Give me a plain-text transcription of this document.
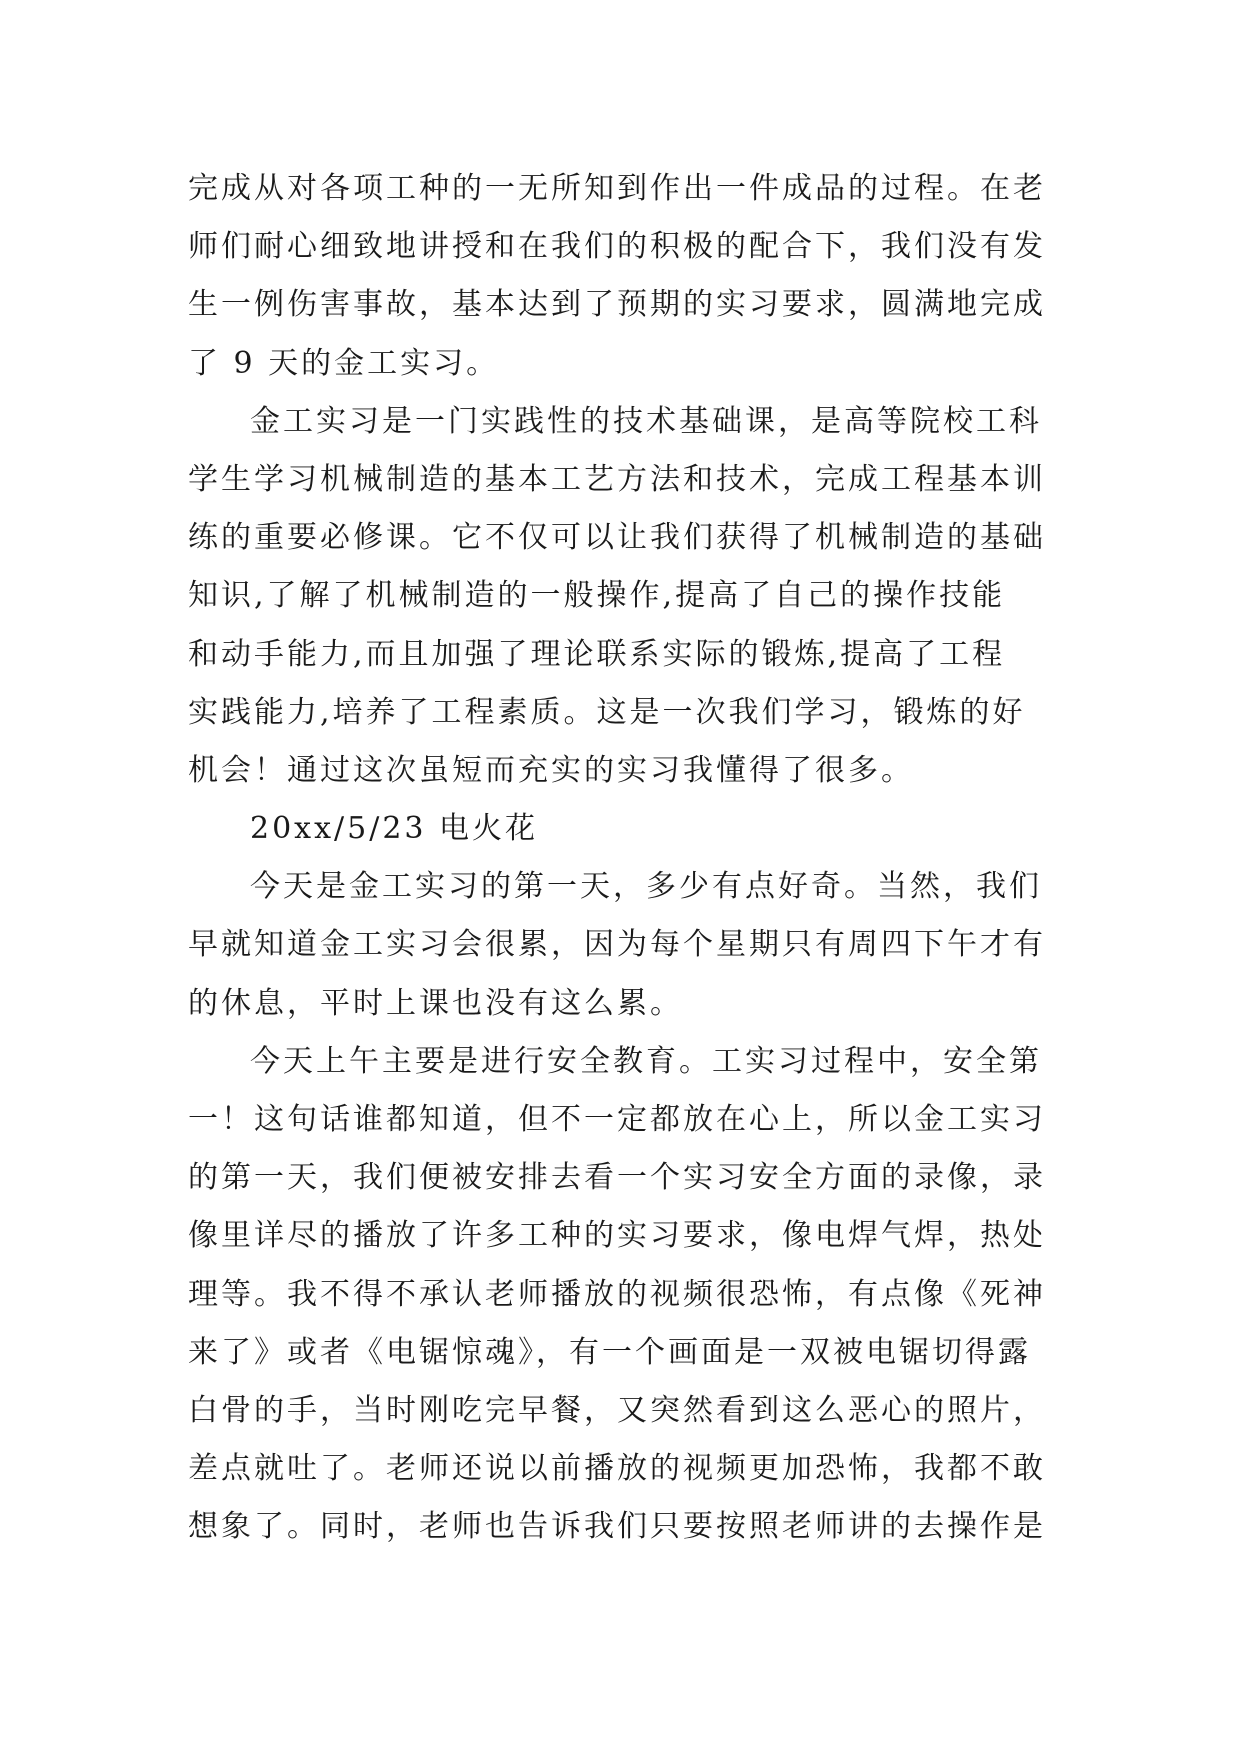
完成从对各项工种的一无所知到作出一件成品的过程。在老
师们耐心细致地讲授和在我们的积极的配合下，我们没有发
生一例伤害事故，基本达到了预期的实习要求，圆满地完成
了 9 天的金工实习。
金工实习是一门实践性的技术基础课，是高等院校工科
学生学习机械制造的基本工艺方法和技术，完成工程基本训
练的重要必修课。它不仅可以让我们获得了机械制造的基础
知识,了解了机械制造的一般操作,提高了自己的操作技能
和动手能力,而且加强了理论联系实际的锻炼,提高了工程
实践能力,培养了工程素质。这是一次我们学习，锻炼的好
机会！通过这次虽短而充实的实习我懂得了很多。
20xx/5/23 电火花
今天是金工实习的第一天，多少有点好奇。当然，我们
早就知道金工实习会很累，因为每个星期只有周四下午才有
的休息，平时上课也没有这么累。
今天上午主要是进行安全教育。工实习过程中，安全第
一！这句话谁都知道，但不一定都放在心上，所以金工实习
的第一天，我们便被安排去看一个实习安全方面的录像，录
像里详尽的播放了许多工种的实习要求，像电焊气焊，热处
理等。我不得不承认老师播放的视频很恐怖，有点像《死神
来了》或者《电锯惊魂》，有一个画面是一双被电锯切得露
白骨的手，当时刚吃完早餐，又突然看到这么恶心的照片，
差点就吐了。老师还说以前播放的视频更加恐怖，我都不敢
想象了。同时，老师也告诉我们只要按照老师讲的去操作是
